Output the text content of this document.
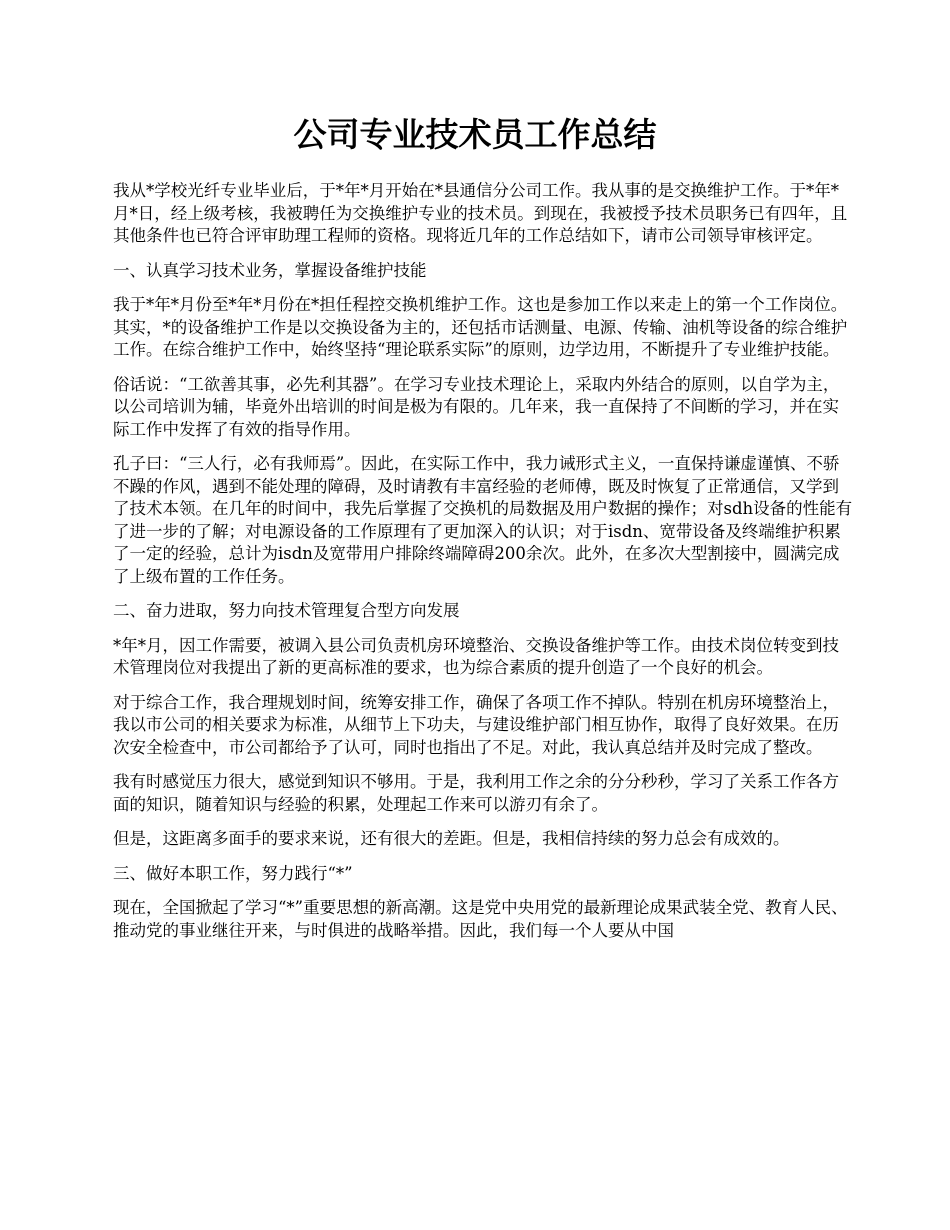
公司专业技术员工作总结

我从*学校光纤专业毕业后，于*年*月开始在*县通信分公司工作。我从事的是交换维护工作。于*年*月*日，经上级考核，我被聘任为交换维护专业的技术员。到现在，我被授予技术员职务已有四年，且其他条件也已符合评审助理工程师的资格。现将近几年的工作总结如下，请市公司领导审核评定。

一、认真学习技术业务，掌握设备维护技能

我于*年*月份至*年*月份在*担任程控交换机维护工作。这也是参加工作以来走上的第一个工作岗位。其实，*的设备维护工作是以交换设备为主的，还包括市话测量、电源、传输、油机等设备的综合维护工作。在综合维护工作中，始终坚持“理论联系实际”的原则，边学边用，不断提升了专业维护技能。

俗话说：“工欲善其事，必先利其器”。在学习专业技术理论上，采取内外结合的原则，以自学为主，以公司培训为辅，毕竟外出培训的时间是极为有限的。几年来，我一直保持了不间断的学习，并在实际工作中发挥了有效的指导作用。

孔子曰：“三人行，必有我师焉”。因此，在实际工作中，我力诫形式主义，一直保持谦虚谨慎、不骄不躁的作风，遇到不能处理的障碍，及时请教有丰富经验的老师傅，既及时恢复了正常通信，又学到了技术本领。在几年的时间中，我先后掌握了交换机的局数据及用户数据的操作；对sdh设备的性能有了进一步的了解；对电源设备的工作原理有了更加深入的认识；对于isdn、宽带设备及终端维护积累了一定的经验，总计为isdn及宽带用户排除终端障碍200余次。此外，在多次大型割接中，圆满完成了上级布置的工作任务。

二、奋力进取，努力向技术管理复合型方向发展

*年*月，因工作需要，被调入县公司负责机房环境整治、交换设备维护等工作。由技术岗位转变到技术管理岗位对我提出了新的更高标准的要求，也为综合素质的提升创造了一个良好的机会。

对于综合工作，我合理规划时间，统筹安排工作，确保了各项工作不掉队。特别在机房环境整治上，我以市公司的相关要求为标准，从细节上下功夫，与建设维护部门相互协作，取得了良好效果。在历次安全检查中，市公司都给予了认可，同时也指出了不足。对此，我认真总结并及时完成了整改。

我有时感觉压力很大，感觉到知识不够用。于是，我利用工作之余的分分秒秒，学习了关系工作各方面的知识，随着知识与经验的积累，处理起工作来可以游刃有余了。

但是，这距离多面手的要求来说，还有很大的差距。但是，我相信持续的努力总会有成效的。

三、做好本职工作，努力践行“*”

现在，全国掀起了学习“*”重要思想的新高潮。这是党中央用党的最新理论成果武装全党、教育人民、推动党的事业继往开来，与时俱进的战略举措。因此，我们每一个人要从中国
